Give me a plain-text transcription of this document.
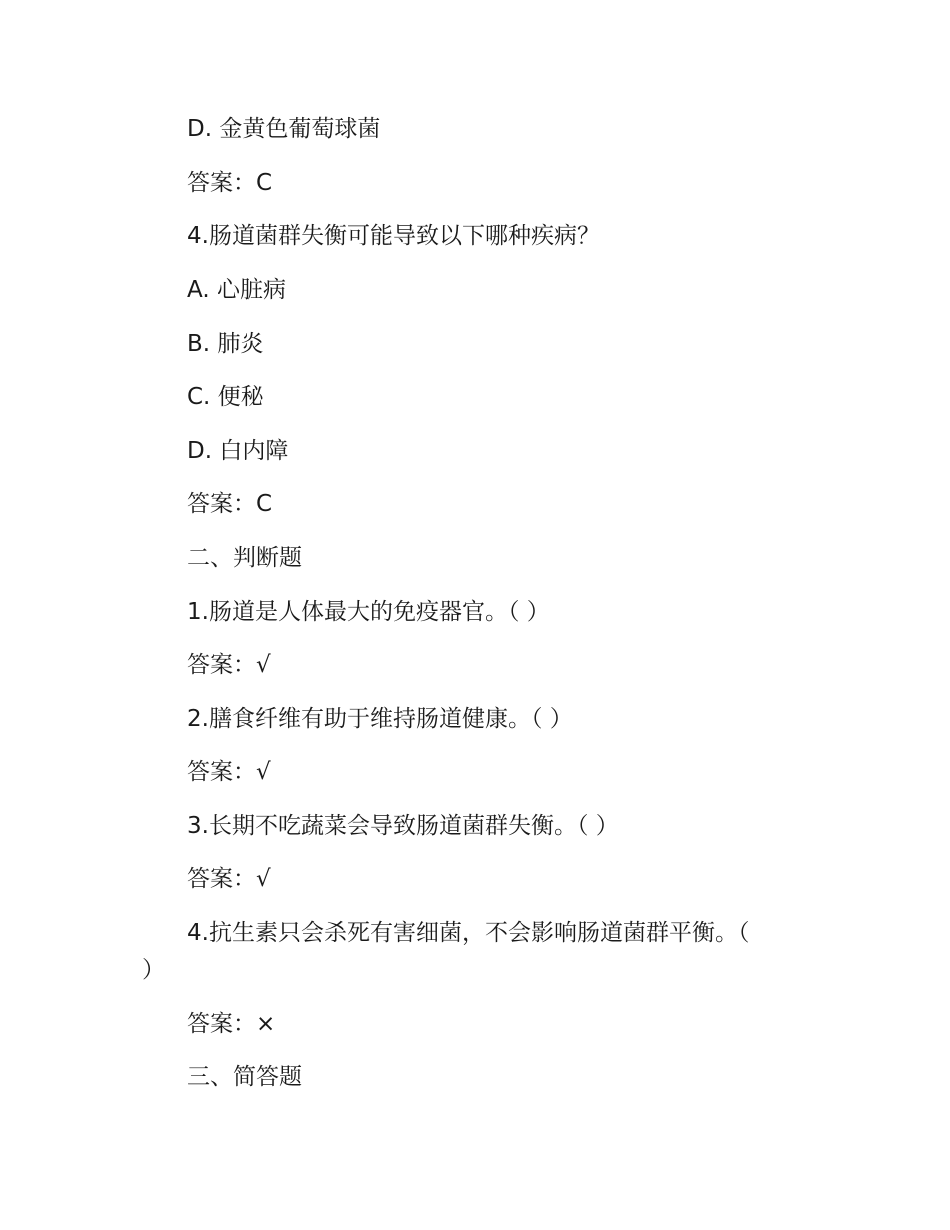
D. 金黄色葡萄球菌
答案：C
4.肠道菌群失衡可能导致以下哪种疾病？
A. 心脏病
B. 肺炎
C. 便秘
D. 白内障
答案：C
二、判断题
1.肠道是人体最大的免疫器官。（ ）
答案：√
2.膳食纤维有助于维持肠道健康。（ ）
答案：√
3.长期不吃蔬菜会导致肠道菌群失衡。（ ）
答案：√
4.抗生素只会杀死有害细菌，不会影响肠道菌群平衡。（
）
答案：×
三、简答题
